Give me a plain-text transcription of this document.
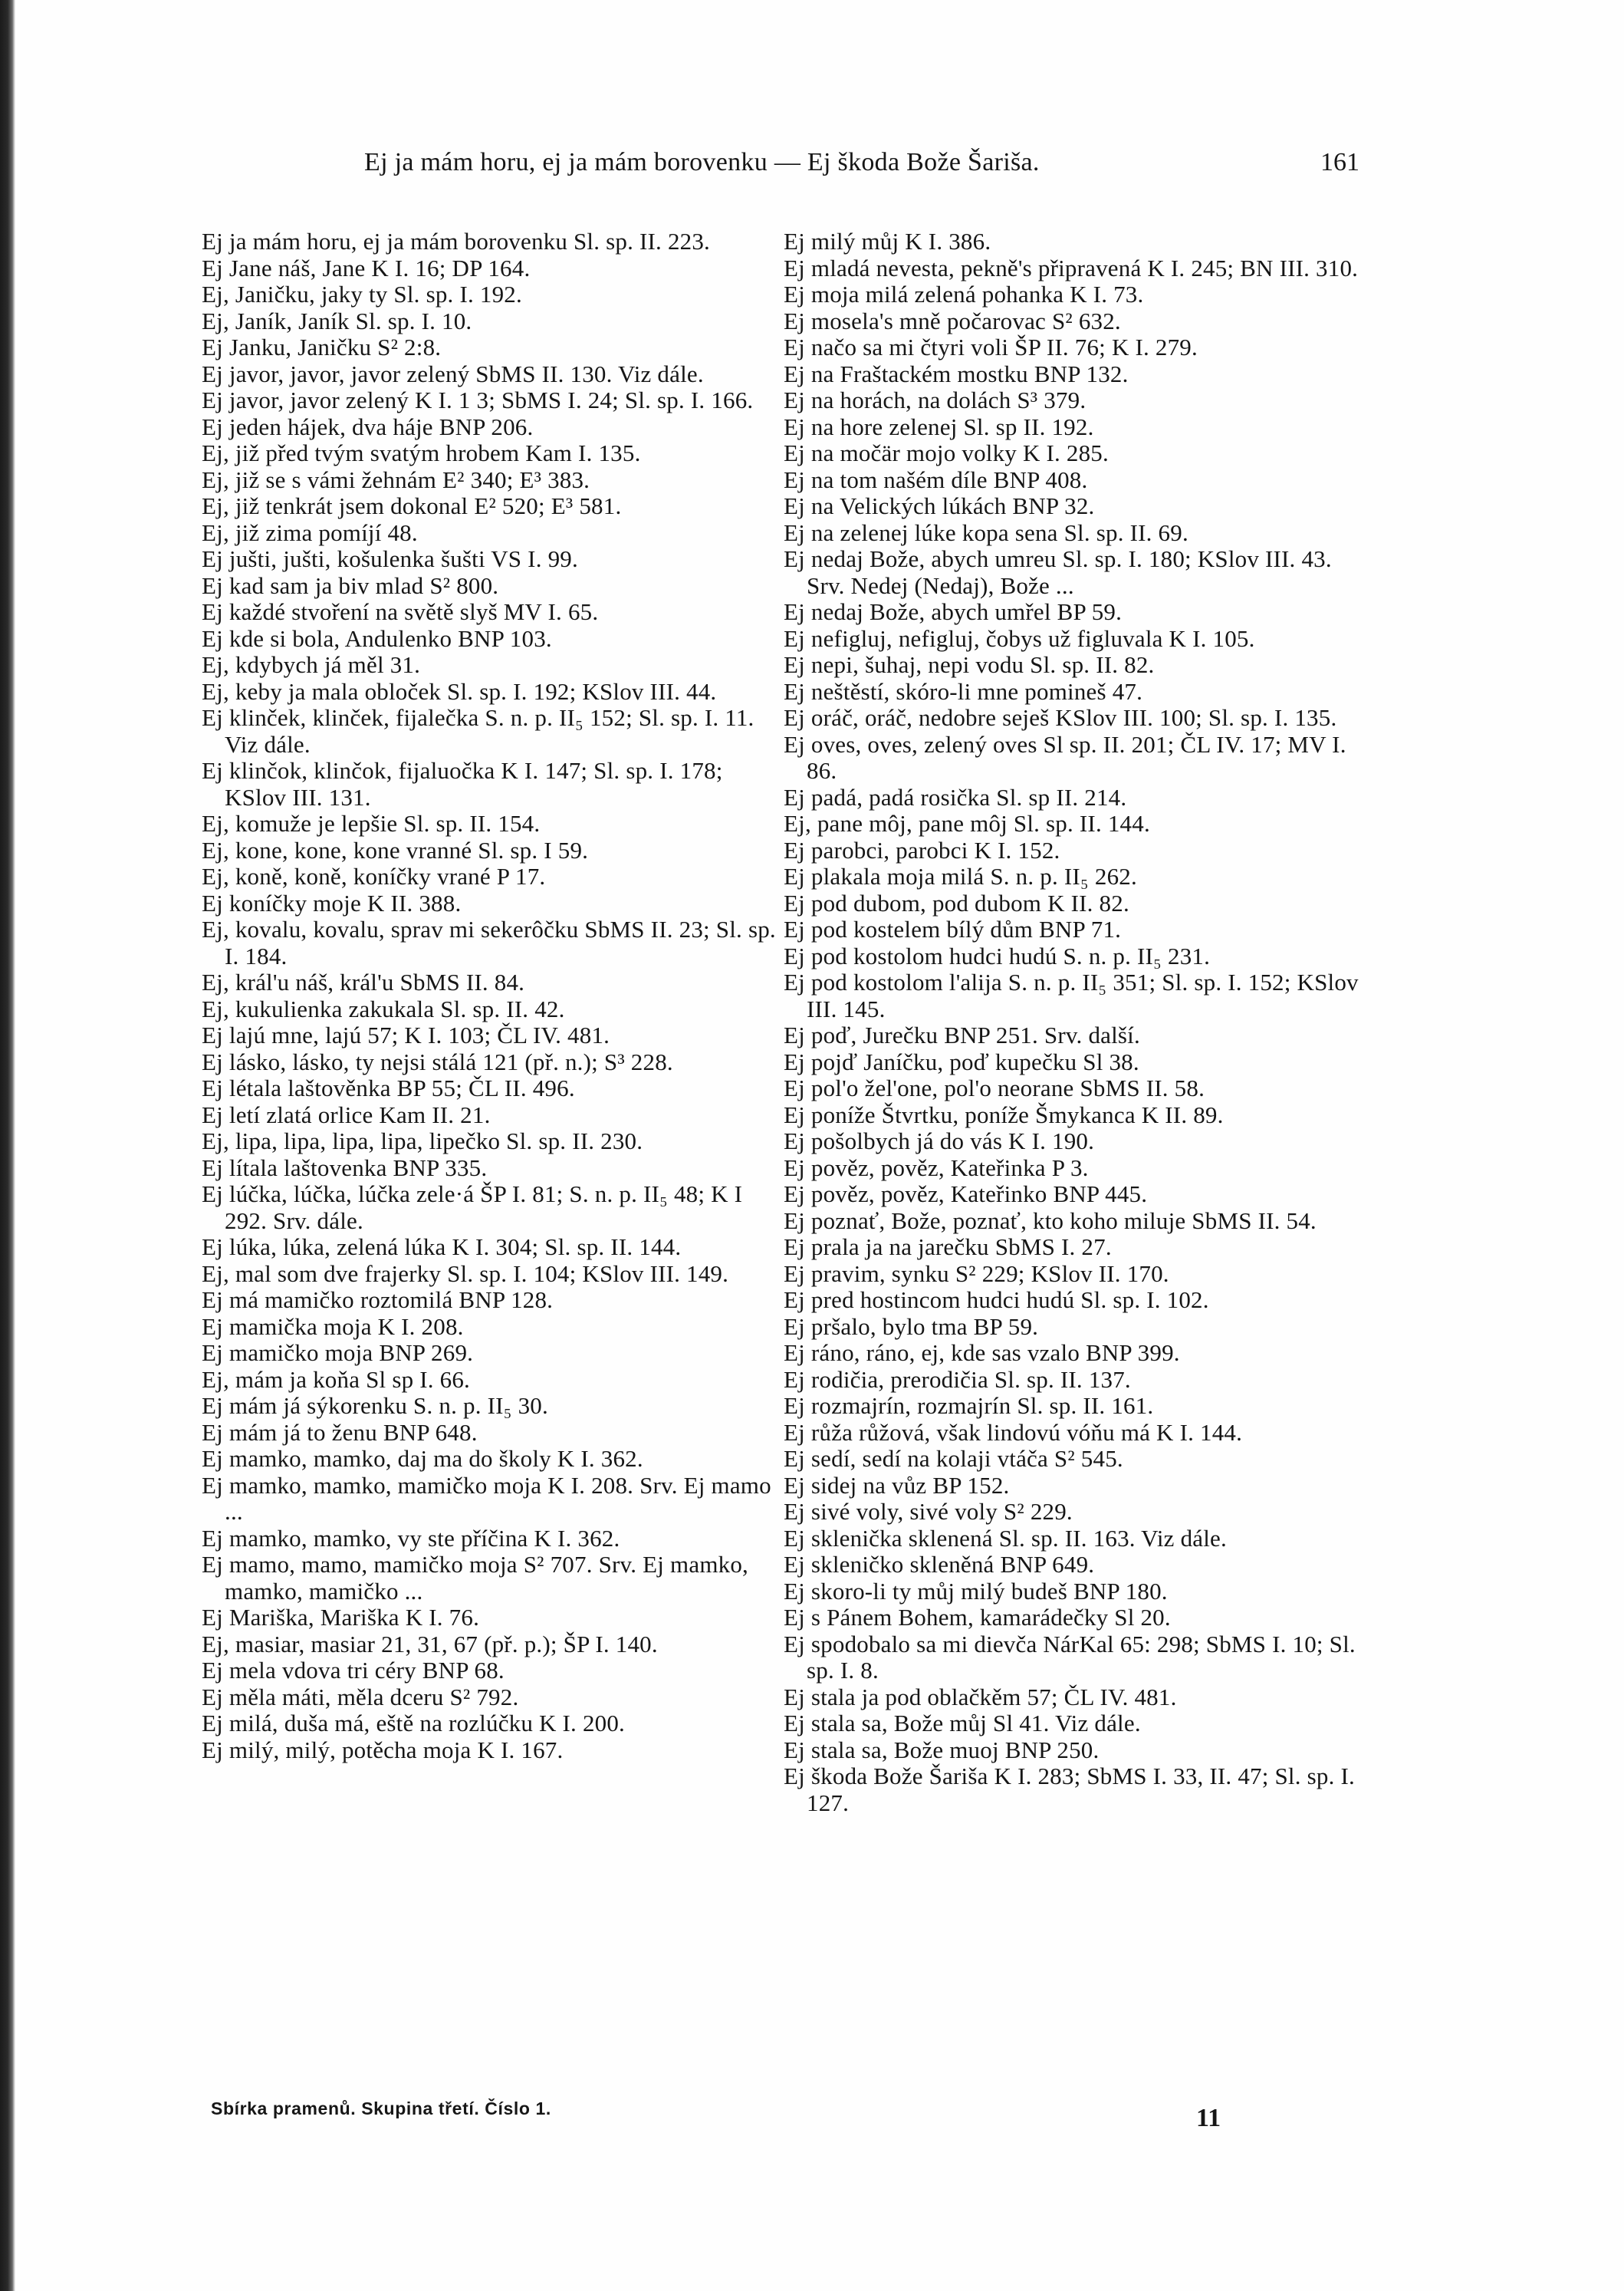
Ej ja mám horu, ej ja mám borovenku — Ej škoda Bože Šariša.	161
Ej ja mám horu, ej ja mám borovenku Sl. sp. II. 223.
Ej Jane náš, Jane K I. 16; DP 164.
Ej, Janičku, jaky ty Sl. sp. I. 192.
Ej, Janík, Janík Sl. sp. I. 10.
Ej Janku, Janičku S² 2:8.
Ej javor, javor, javor zelený SbMS II. 130. Viz dále.
Ej javor, javor zelený K I. 1 3; SbMS I. 24; Sl. sp. I. 166.
Ej jeden hájek, dva háje BNP 206.
Ej, již před tvým svatým hrobem Kam I. 135.
Ej, již se s vámi žehnám E² 340; E³ 383.
Ej, již tenkrát jsem dokonal E² 520; E³ 581.
Ej, již zima pomíjí 48.
Ej jušti, jušti, košulenka šušti VS I. 99.
Ej kad sam ja biv mlad S² 800.
Ej každé stvoření na světě slyš MV I. 65.
Ej kde si bola, Andulenko BNP 103.
Ej, kdybych já měl 31.
Ej, keby ja mala obloček Sl. sp. I. 192; KSlov III. 44.
Ej klinček, klinček, fijalečka S. n. p. II₅ 152; Sl. sp. I. 11. Viz dále.
Ej klinčok, klinčok, fijaluočka K I. 147; Sl. sp. I. 178; KSlov III. 131.
Ej, komuže je lepšie Sl. sp. II. 154.
Ej, kone, kone, kone vranné Sl. sp. I 59.
Ej, koně, koně, koníčky vrané P 17.
Ej koníčky moje K II. 388.
Ej, kovalu, kovalu, sprav mi sekerôčku SbMS II. 23; Sl. sp. I. 184.
Ej, král'u náš, král'u SbMS II. 84.
Ej, kukulienka zakukala Sl. sp. II. 42.
Ej lajú mne, lajú 57; K I. 103; ČL IV. 481.
Ej lásko, lásko, ty nejsi stálá 121 (př. n.); S³ 228.
Ej létala laštověnka BP 55; ČL II. 496.
Ej letí zlatá orlice Kam II. 21.
Ej, lipa, lipa, lipa, lipa, lipečko Sl. sp. II. 230.
Ej lítala laštovenka BNP 335.
Ej lúčka, lúčka, lúčka zele·á ŠP I. 81; S. n. p. II₅ 48; K I 292. Srv. dále.
Ej lúka, lúka, zelená lúka K I. 304; Sl. sp. II. 144.
Ej, mal som dve frajerky Sl. sp. I. 104; KSlov III. 149.
Ej má mamičko roztomilá BNP 128.
Ej mamička moja K I. 208.
Ej mamičko moja BNP 269.
Ej, mám ja koňa Sl sp I. 66.
Ej mám já sýkorenku S. n. p. II₅ 30.
Ej mám já to ženu BNP 648.
Ej mamko, mamko, daj ma do školy K I. 362.
Ej mamko, mamko, mamičko moja K I. 208. Srv. Ej mamo ...
Ej mamko, mamko, vy ste příčina K I. 362.
Ej mamo, mamo, mamičko moja S² 707. Srv. Ej mamko, mamko, mamičko ...
Ej Mariška, Mariška K I. 76.
Ej, masiar, masiar 21, 31, 67 (př. p.); ŠP I. 140.
Ej mela vdova tri céry BNP 68.
Ej měla máti, měla dceru S² 792.
Ej milá, duša má, eště na rozlúčku K I. 200.
Ej milý, milý, potěcha moja K I. 167.
Ej milý můj K I. 386.
Ej mladá nevesta, pekně's připravená K I. 245; BN III. 310.
Ej moja milá zelená pohanka K I. 73.
Ej mosela's mně počarovac S² 632.
Ej načo sa mi čtyri voli ŠP II. 76; K I. 279.
Ej na Fraštackém mostku BNP 132.
Ej na horách, na dolách S³ 379.
Ej na hore zelenej Sl. sp II. 192.
Ej na močär mojo volky K I. 285.
Ej na tom našém díle BNP 408.
Ej na Velických lúkách BNP 32.
Ej na zelenej lúke kopa sena Sl. sp. II. 69.
Ej nedaj Bože, abych umreu Sl. sp. I. 180; KSlov III. 43. Srv. Nedej (Nedaj), Bože ...
Ej nedaj Bože, abych umřel BP 59.
Ej nefigluj, nefigluj, čobys už figluvala K I. 105.
Ej nepi, šuhaj, nepi vodu Sl. sp. II. 82.
Ej neštěstí, skóro-li mne pomineš 47.
Ej oráč, oráč, nedobre seješ KSlov III. 100; Sl. sp. I. 135.
Ej oves, oves, zelený oves Sl sp. II. 201; ČL IV. 17; MV I. 86.
Ej padá, padá rosička Sl. sp II. 214.
Ej, pane môj, pane môj Sl. sp. II. 144.
Ej parobci, parobci K I. 152.
Ej plakala moja milá S. n. p. II₅ 262.
Ej pod dubom, pod dubom K II. 82.
Ej pod kostelem bílý dům BNP 71.
Ej pod kostolom hudci hudú S. n. p. II₅ 231.
Ej pod kostolom l'alija S. n. p. II₅ 351; Sl. sp. I. 152; KSlov III. 145.
Ej poď, Jurečku BNP 251. Srv. další.
Ej pojď Janíčku, poď kupečku Sl 38.
Ej pol'o žel'one, pol'o neorane SbMS II. 58.
Ej poníže Štvrtku, poníže Šmykanca K II. 89.
Ej pošolbych já do vás K I. 190.
Ej pověz, pověz, Kateřinka P 3.
Ej pověz, pověz, Kateřinko BNP 445.
Ej poznať, Bože, poznať, kto koho miluje SbMS II. 54.
Ej prala ja na jarečku SbMS I. 27.
Ej pravim, synku S² 229; KSlov II. 170.
Ej pred hostincom hudci hudú Sl. sp. I. 102.
Ej pršalo, bylo tma BP 59.
Ej ráno, ráno, ej, kde sas vzalo BNP 399.
Ej rodičia, prerodičia Sl. sp. II. 137.
Ej rozmajrín, rozmajrín Sl. sp. II. 161.
Ej růža růžová, však lindovú vóňu má K I. 144.
Ej sedí, sedí na kolaji vtáča S² 545.
Ej sidej na vůz BP 152.
Ej sivé voly, sivé voly S² 229.
Ej sklenička sklenená Sl. sp. II. 163. Viz dále.
Ej skleničko skleněná BNP 649.
Ej skoro-li ty můj milý budeš BNP 180.
Ej s Pánem Bohem, kamarádečky Sl 20.
Ej spodobalo sa mi dievča NárKal 65: 298; SbMS I. 10; Sl. sp. I. 8.
Ej stala ja pod oblačkěm 57; ČL IV. 481.
Ej stala sa, Bože můj Sl 41. Viz dále.
Ej stala sa, Bože muoj BNP 250.
Ej škoda Bože Šariša K I. 283; SbMS I. 33, II. 47; Sl. sp. I. 127.
Sbírka pramenů. Skupina třetí. Číslo 1.	11
